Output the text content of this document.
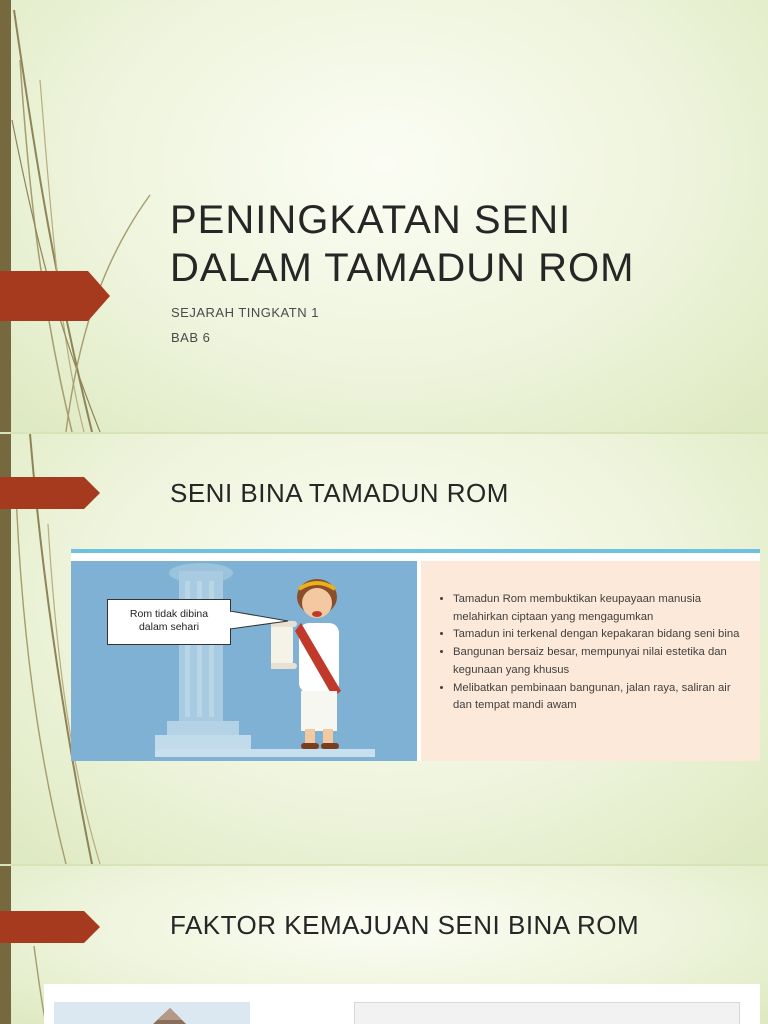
PENINGKATAN SENI
DALAM TAMADUN ROM
SEJARAH TINGKATN 1
BAB 6
SENI BINA TAMADUN ROM
Rom tidak dibina
dalam sehari
• Tamadun Rom membuktikan keupayaan manusia melahirkan ciptaan yang mengagumkan
• Tamadun ini terkenal dengan kepakaran bidang seni bina
• Bangunan bersaiz besar, mempunyai nilai estetika dan kegunaan yang khusus
• Melibatkan pembinaan bangunan, jalan raya, saliran air dan tempat mandi awam
FAKTOR KEMAJUAN SENI BINA ROM
